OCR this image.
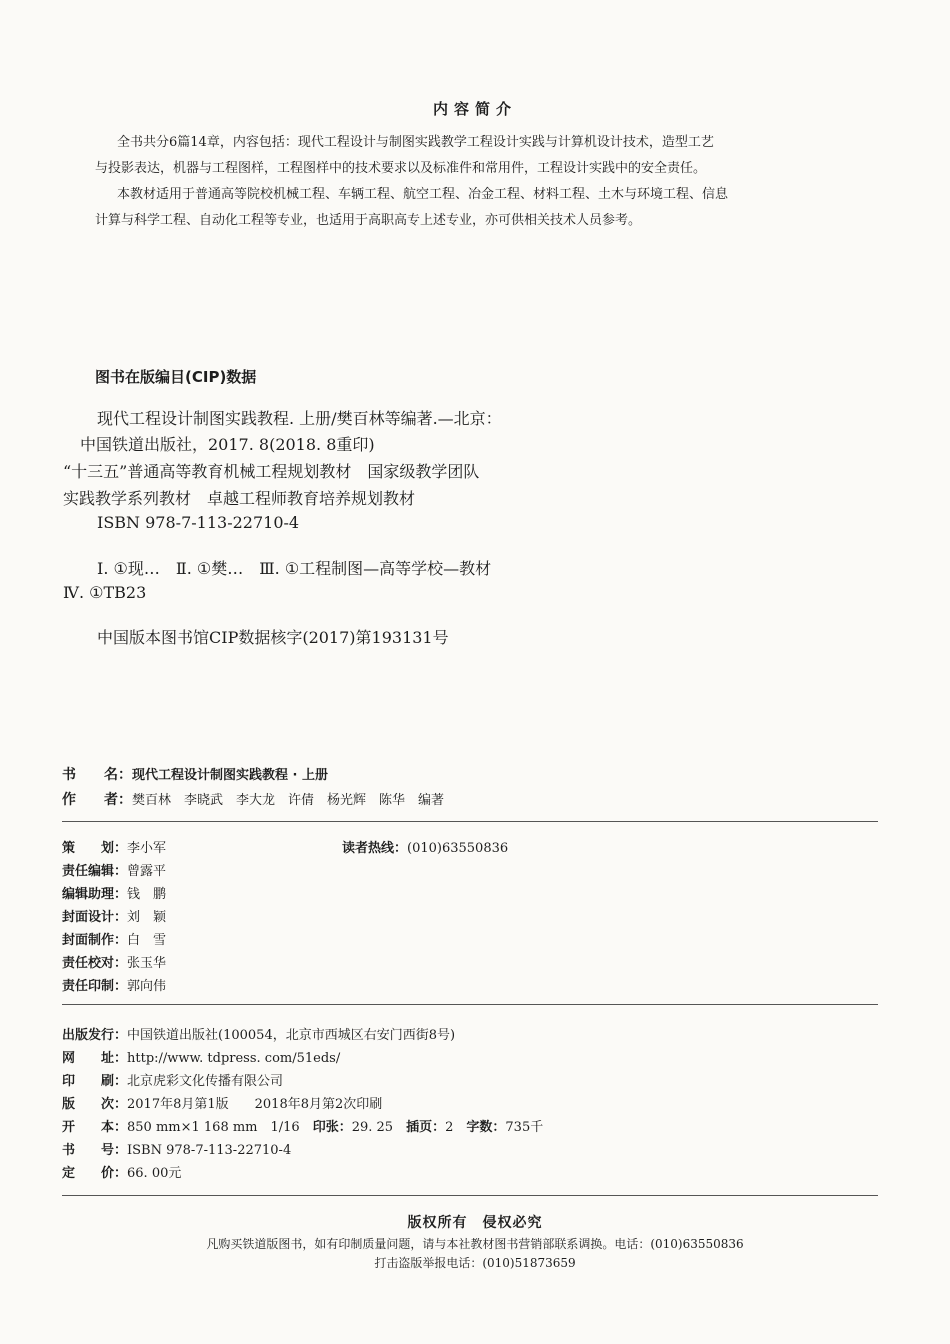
内容简介
全书共分6篇14章，内容包括：现代工程设计与制图实践教学工程设计实践与计算机设计技术，造型工艺
与投影表达，机器与工程图样，工程图样中的技术要求以及标准件和常用件，工程设计实践中的安全责任。
本教材适用于普通高等院校机械工程、车辆工程、航空工程、冶金工程、材料工程、土木与环境工程、信息
计算与科学工程、自动化工程等专业，也适用于高职高专上述专业，亦可供相关技术人员参考。
图书在版编目(CIP)数据
现代工程设计制图实践教程. 上册/樊百林等编著.—北京：
中国铁道出版社，2017. 8(2018. 8重印)
“十三五”普通高等教育机械工程规划教材　国家级教学团队
实践教学系列教材　卓越工程师教育培养规划教材
ISBN 978-7-113-22710-4
Ⅰ. ①现…　Ⅱ. ①樊…　Ⅲ. ①工程制图—高等学校—教材
Ⅳ. ①TB23
中国版本图书馆CIP数据核字(2017)第193131号
书　　名：现代工程设计制图实践教程 · 上册
作　　者：樊百林　李晓武　李大龙　许倩　杨光辉　陈华　编著
策　　划：李小军	读者热线：(010)63550836
责任编辑：曾露平
编辑助理：钱　鹏
封面设计：刘　颖
封面制作：白　雪
责任校对：张玉华
责任印制：郭向伟
出版发行：中国铁道出版社(100054，北京市西城区右安门西街8号)
网　　址：http://www. tdpress. com/51eds/
印　　刷：北京虎彩文化传播有限公司
版　　次：2017年8月第1版　　2018年8月第2次印刷
开　　本：850 mm×1 168 mm　1/16　印张：29. 25　插页：2　字数：735千
书　　号：ISBN 978-7-113-22710-4
定　　价：66. 00元
版权所有　侵权必究
凡购买铁道版图书，如有印制质量问题，请与本社教材图书营销部联系调换。电话：(010)63550836
打击盗版举报电话：(010)51873659
